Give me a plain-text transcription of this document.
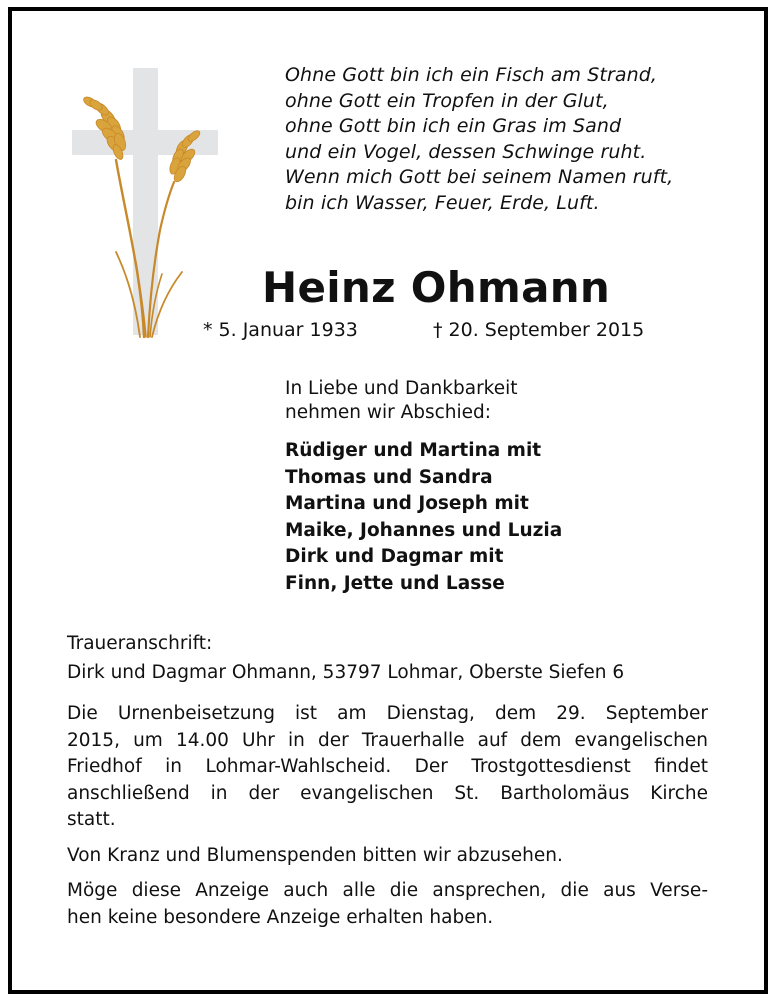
Ohne Gott bin ich ein Fisch am Strand,
ohne Gott ein Tropfen in der Glut,
ohne Gott bin ich ein Gras im Sand
und ein Vogel, dessen Schwinge ruht.
Wenn mich Gott bei seinem Namen ruft,
bin ich Wasser, Feuer, Erde, Luft.
Heinz Ohmann
* 5. Januar 1933	† 20. September 2015
In Liebe und Dankbarkeit
nehmen wir Abschied:
Rüdiger und Martina mit
Thomas und Sandra
Martina und Joseph mit
Maike, Johannes und Luzia
Dirk und Dagmar mit
Finn, Jette und Lasse
Traueranschrift:
Dirk und Dagmar Ohmann, 53797 Lohmar, Oberste Siefen 6
Die Urnenbeisetzung ist am Dienstag, dem 29. September
2015, um 14.00 Uhr in der Trauerhalle auf dem evangelischen
Friedhof in Lohmar-Wahlscheid. Der Trostgottesdienst findet
anschließend in der evangelischen St. Bartholomäus Kirche
statt.
Von Kranz und Blumenspenden bitten wir abzusehen.
Möge diese Anzeige auch alle die ansprechen, die aus Verse-
hen keine besondere Anzeige erhalten haben.
